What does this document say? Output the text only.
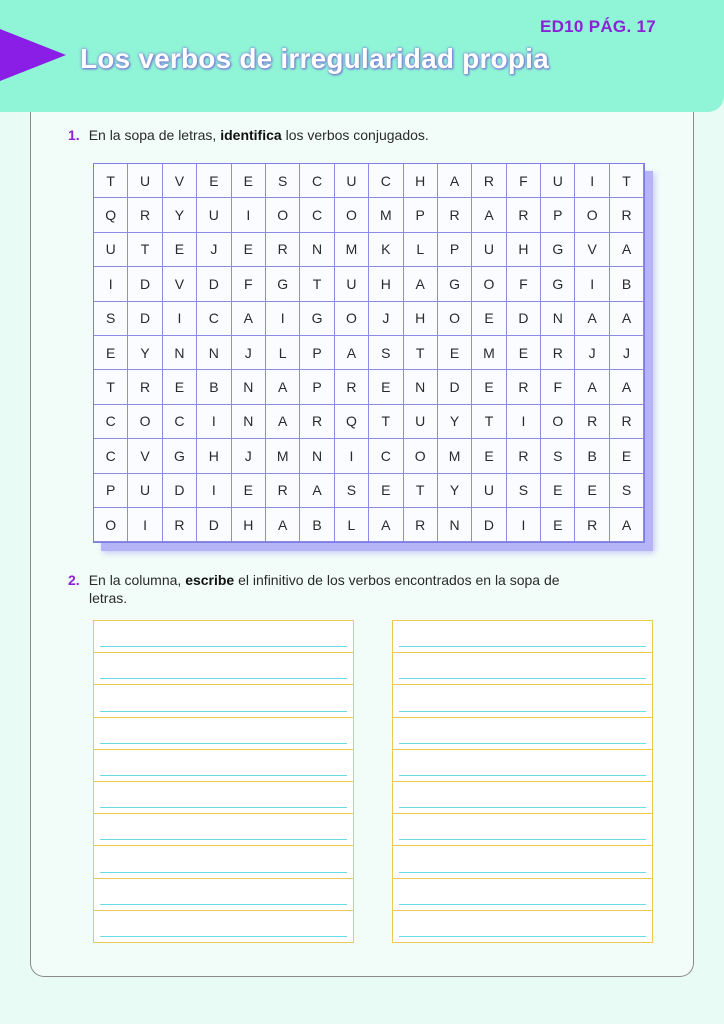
ED10 PÁG. 17
Los verbos de irregularidad propia
1. En la sopa de letras, identifica los verbos conjugados.
T	U	V	E	E	S	C	U	C	H	A	R	F	U	I	T
Q	R	Y	U	I	O	C	O	M	P	R	A	R	P	O	R
U	T	E	J	E	R	N	M	K	L	P	U	H	G	V	A
I	D	V	D	F	G	T	U	H	A	G	O	F	G	I	B
S	D	I	C	A	I	G	O	J	H	O	E	D	N	A	A
E	Y	N	N	J	L	P	A	S	T	E	M	E	R	J	J
T	R	E	B	N	A	P	R	E	N	D	E	R	F	A	A
C	O	C	I	N	A	R	Q	T	U	Y	T	I	O	R	R
C	V	G	H	J	M	N	I	C	O	M	E	R	S	B	E
P	U	D	I	E	R	A	S	E	T	Y	U	S	E	E	S
O	I	R	D	H	A	B	L	A	R	N	D	I	E	R	A
2. En la columna, escribe el infinitivo de los verbos encontrados en la sopa de
letras.
